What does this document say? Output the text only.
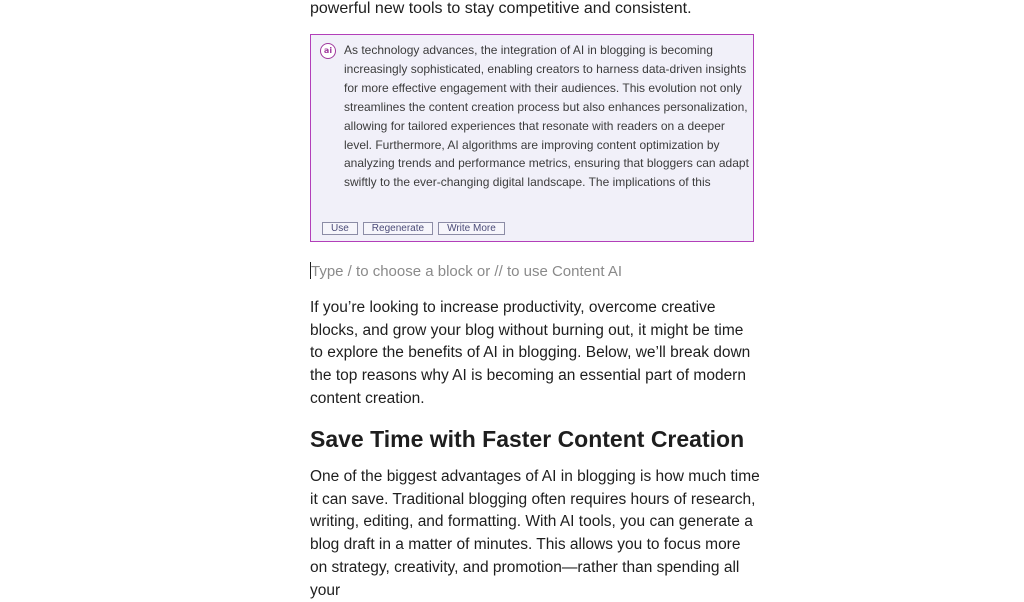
powerful new tools to stay competitive and consistent.
ai As technology advances, the integration of AI in blogging is becoming increasingly sophisticated, enabling creators to harness data-driven insights for more effective engagement with their audiences. This evolution not only streamlines the content creation process but also enhances personalization, allowing for tailored experiences that resonate with readers on a deeper level. Furthermore, AI algorithms are improving content optimization by analyzing trends and performance metrics, ensuring that bloggers can adapt swiftly to the ever-changing digital landscape. The implications of this
Use	Regenerate	Write More
Type / to choose a block or // to use Content AI
If you’re looking to increase productivity, overcome creative blocks, and grow your blog without burning out, it might be time to explore the benefits of AI in blogging. Below, we’ll break down the top reasons why AI is becoming an essential part of modern content creation.
Save Time with Faster Content Creation
One of the biggest advantages of AI in blogging is how much time it can save. Traditional blogging often requires hours of research, writing, editing, and formatting. With AI tools, you can generate a blog draft in a matter of minutes. This allows you to focus more on strategy, creativity, and promotion—rather than spending all your
